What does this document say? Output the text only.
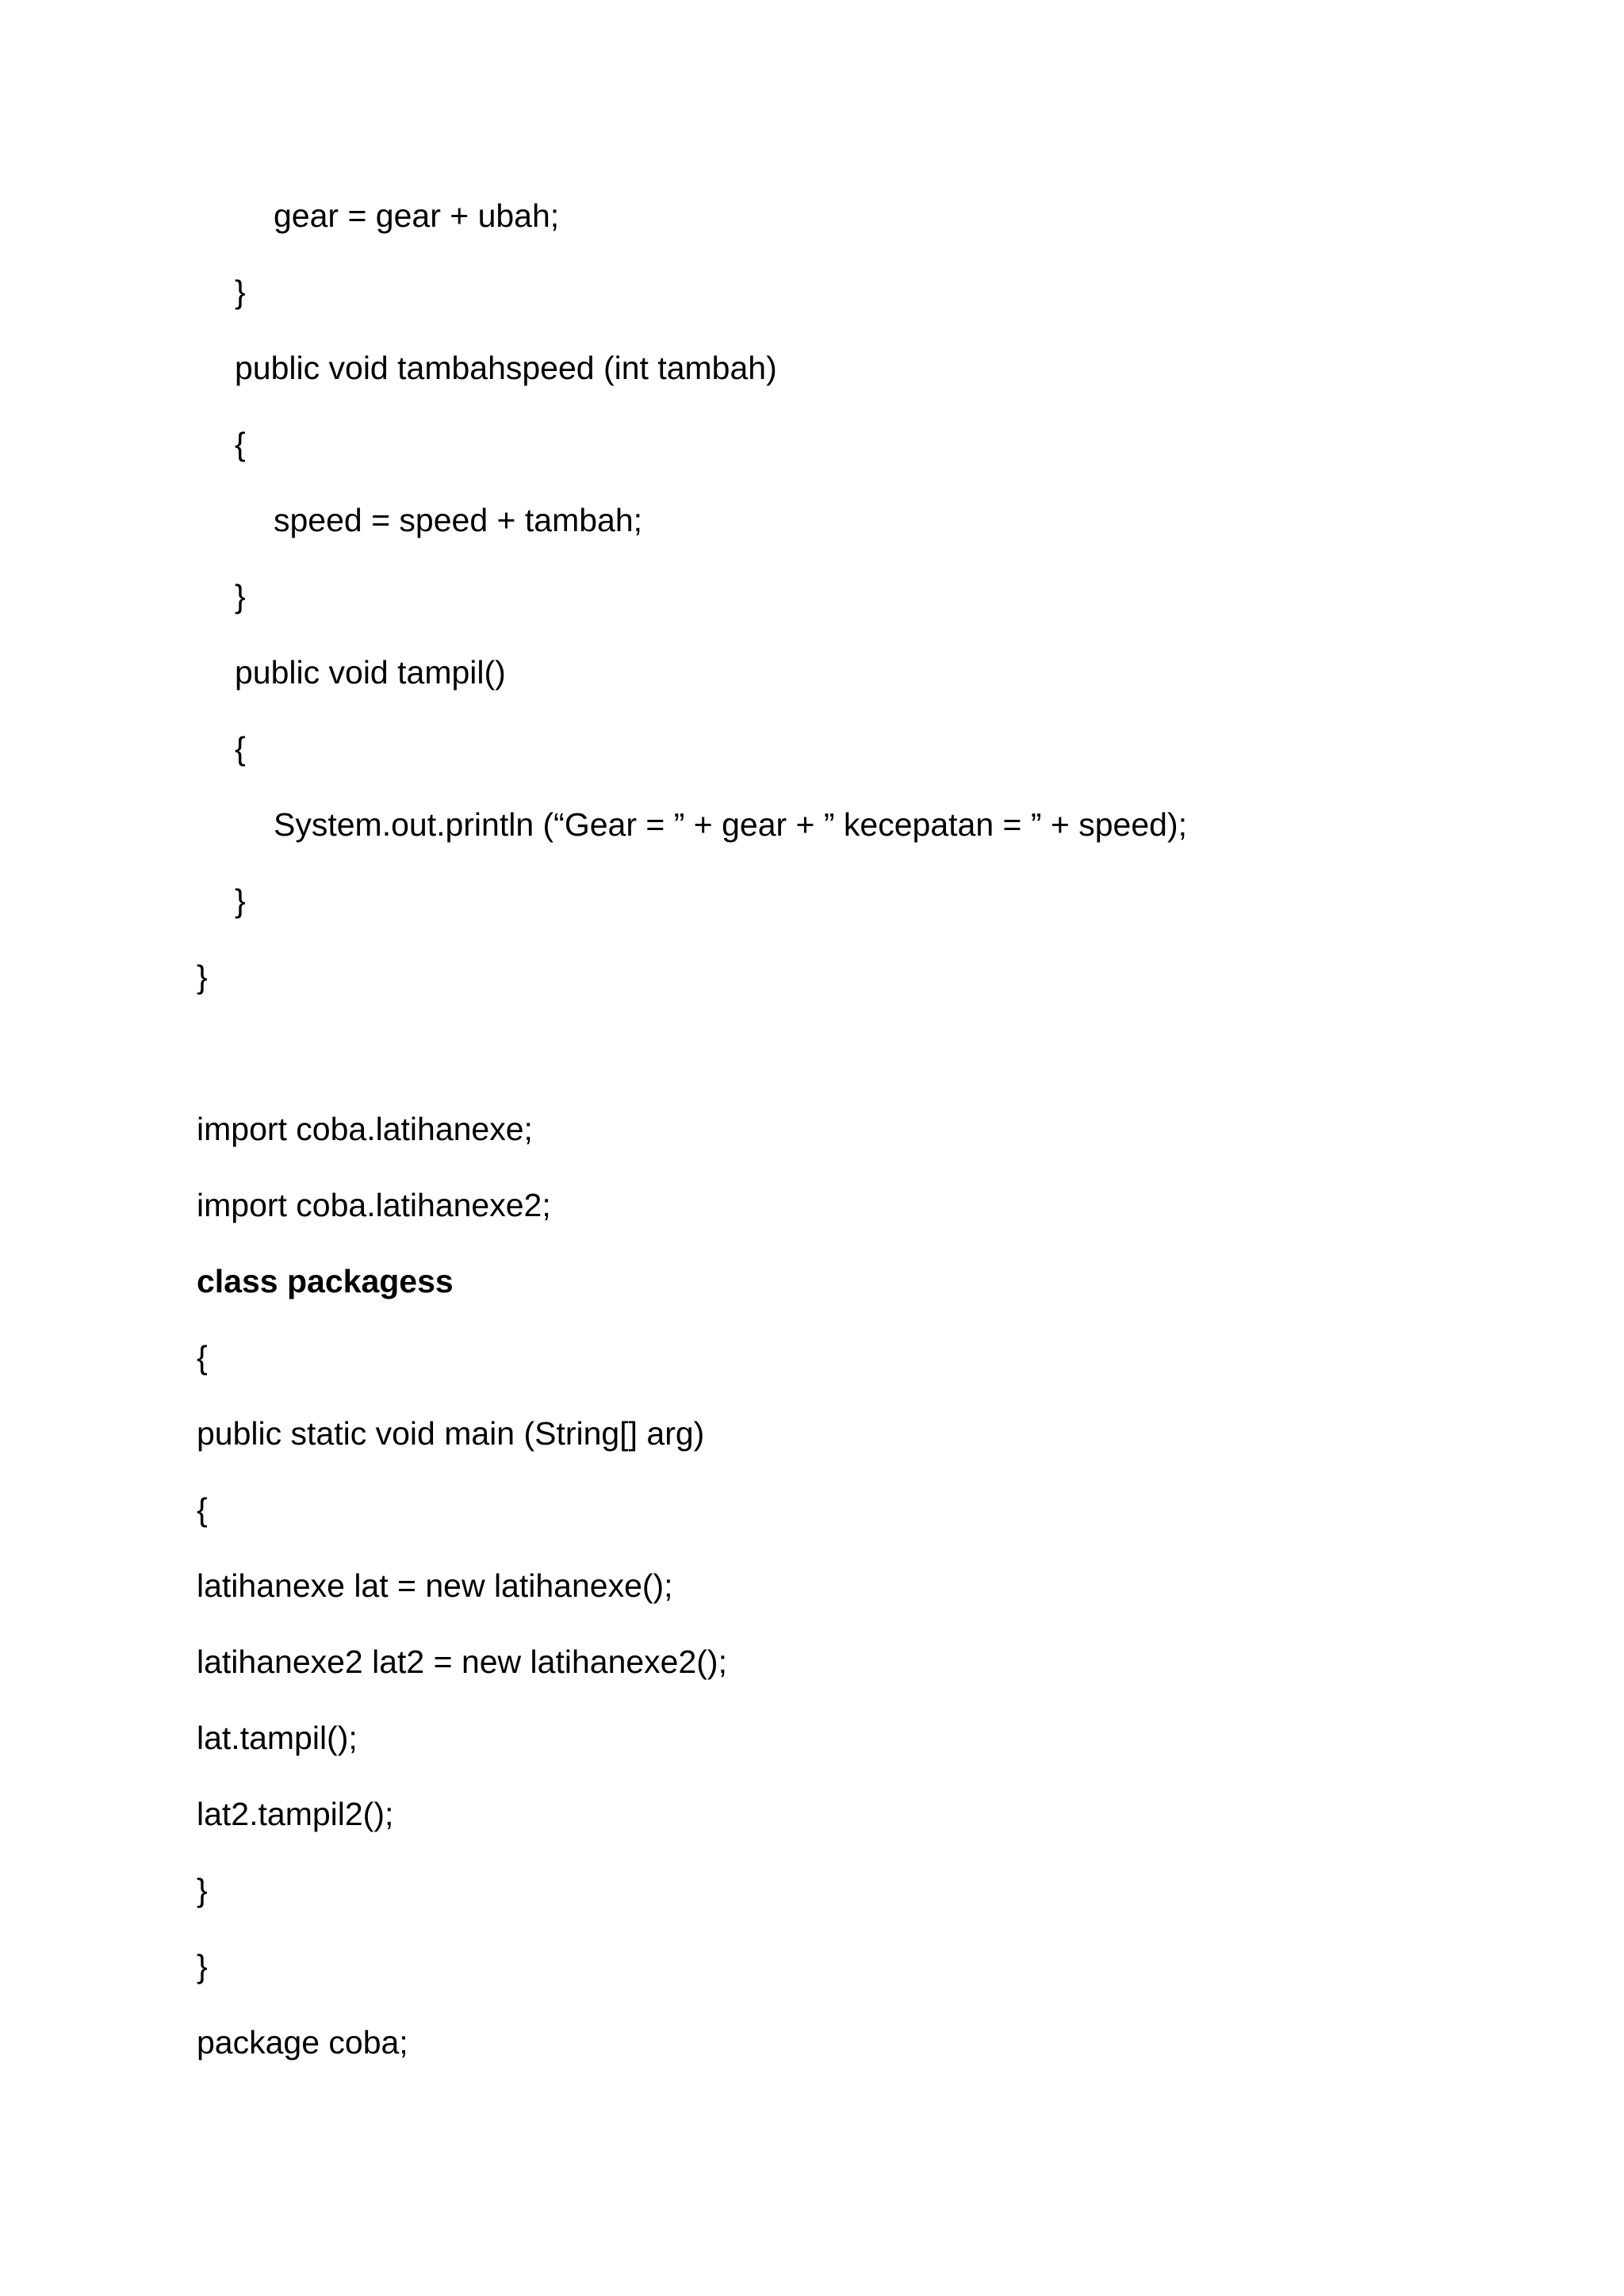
gear = gear + ubah;

}

public void tambahspeed (int tambah)

{

speed = speed + tambah;

}

public void tampil()

{

System.out.println (“Gear = ” + gear + ” kecepatan = ” + speed);

}

}

import coba.latihanexe;

import coba.latihanexe2;

class packagess

{

public static void main (String[] arg)

{

latihanexe lat = new latihanexe();

latihanexe2 lat2 = new latihanexe2();

lat.tampil();

lat2.tampil2();

}

}

package coba;
